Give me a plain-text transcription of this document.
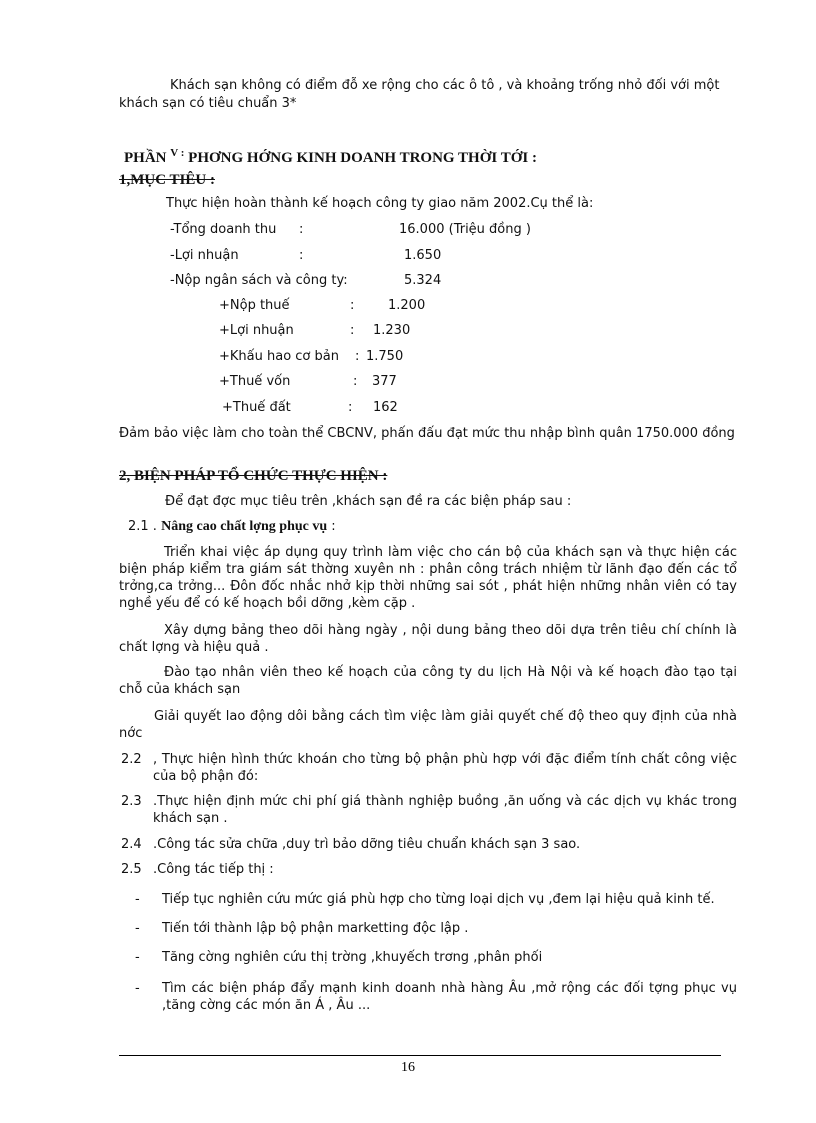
Khách sạn không có điểm đỗ xe rộng cho các ô tô , và khoảng trống nhỏ đối với một
khách sạn có tiêu chuẩn 3*
PHẦN $^{V :}$ PHƠNG HỚNG KINH DOANH TRONG THỜI TỚI :
1,MỤC TIÊU :
Thực hiện hoàn thành kế hoạch công ty giao năm 2002.Cụ thể là:
-Tổng doanh thu :	16.000 (Triệu đồng )
-Lợi nhuận	:	1.650
-Nộp ngân sách và công ty:	5.324
+Nộp thuế	:	1.200
+Lợi nhuận	: 1.230
+Khấu hao cơ bản : 1.750
+Thuế vốn	: 377
+Thuế đất	: 162
Đảm bảo việc làm cho toàn thể CBCNV, phấn đấu đạt mức thu nhập bình quân 1750.000 đồng
2, BIỆN PHÁP TỔ CHỨC THỰC HIỆN :
Để đạt đợc mục tiêu trên ,khách sạn đề ra các biện pháp sau :
2.1 . Nâng cao chất lợng phục vụ :
Triển khai việc áp dụng quy trình làm việc cho cán bộ của khách sạn và thực hiện các biện pháp kiểm tra giám sát thờng xuyên nh : phân công trách nhiệm từ lãnh đạo đến các tổ trởng,ca trởng... Đôn đốc nhắc nhở kịp thời những sai sót , phát hiện những nhân viên có tay nghề yếu để có kế hoạch bồi dỡng ,kèm cặp .
Xây dựng bảng theo dõi hàng ngày , nội dung bảng theo dõi dựa trên tiêu chí chính là chất lợng và hiệu quả .
Đào tạo nhân viên theo kế hoạch của công ty du lịch Hà Nội và kế hoạch đào tạo tại chỗ của khách sạn
Giải quyết lao động dôi bằng cách tìm việc làm giải quyết chế độ theo quy định của nhà nớc
2.2 , Thực hiện hình thức khoán cho từng bộ phận phù hợp với đặc điểm tính chất công việc của bộ phận đó:
2.3 .Thực hiện định mức chi phí giá thành nghiệp buồng ,ăn uống và các dịch vụ khác trong khách sạn .
2.4 .Công tác sửa chữa ,duy trì bảo dỡng tiêu chuẩn khách sạn 3 sao.
2.5 .Công tác tiếp thị :
- Tiếp tục nghiên cứu mức giá phù hợp cho từng loại dịch vụ ,đem lại hiệu quả kinh tế.
- Tiến tới thành lập bộ phận marketting độc lập .
- Tăng cờng nghiên cứu thị trờng ,khuyếch trơng ,phân phối
- Tìm các biện pháp đẩy mạnh kinh doanh nhà hàng Âu ,mở rộng các đối tợng phục vụ ,tăng cờng các món ăn Á , Âu ...
16
